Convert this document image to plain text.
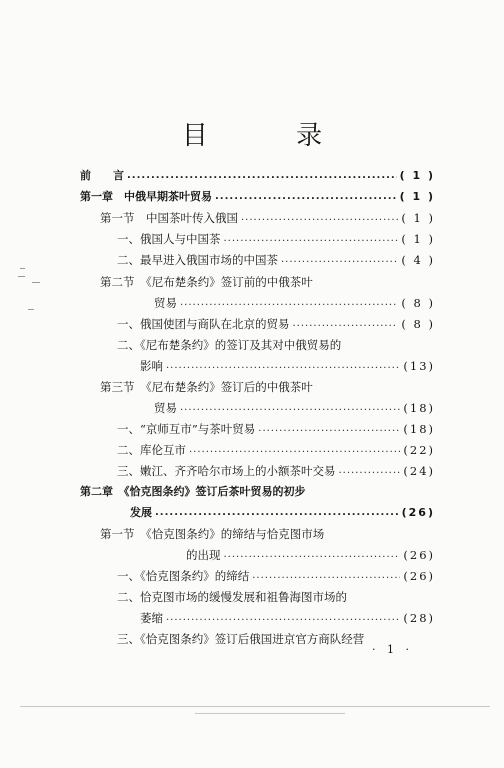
目 录
前　　言 .....	( 1 )
第一章　中俄早期茶叶贸易 .....	( 1 )
第一节　中国茶叶传入俄国 .....	( 1 )
一、俄国人与中国茶 .....	( 1 )
二、最早进入俄国市场的中国茶 .....	( 4 )
第二节　《尼布楚条约》签订前的中俄茶叶
贸易 .....	( 8 )
一、俄国使团与商队在北京的贸易 .....	( 8 )
二、《尼布楚条约》的签订及其对中俄贸易的
影响 .....	(13)
第三节　《尼布楚条约》签订后的中俄茶叶
贸易 .....	(18)
一、“京师互市”与茶叶贸易 .....	(18)
二、库伦互市 .....	(22)
三、嫩江、齐齐哈尔市场上的小额茶叶交易 .....	(24)
第二章　《恰克图条约》签订后茶叶贸易的初步
发展 .....	(26)
第一节　《恰克图条约》的缔结与恰克图市场
的出现 .....	(26)
一、《恰克图条约》的缔结 .....	(26)
二、恰克图市场的缓慢发展和祖鲁海图市场的
萎缩 .....	(28)
三、《恰克图条约》签订后俄国进京官方商队经营
· 1 ·
